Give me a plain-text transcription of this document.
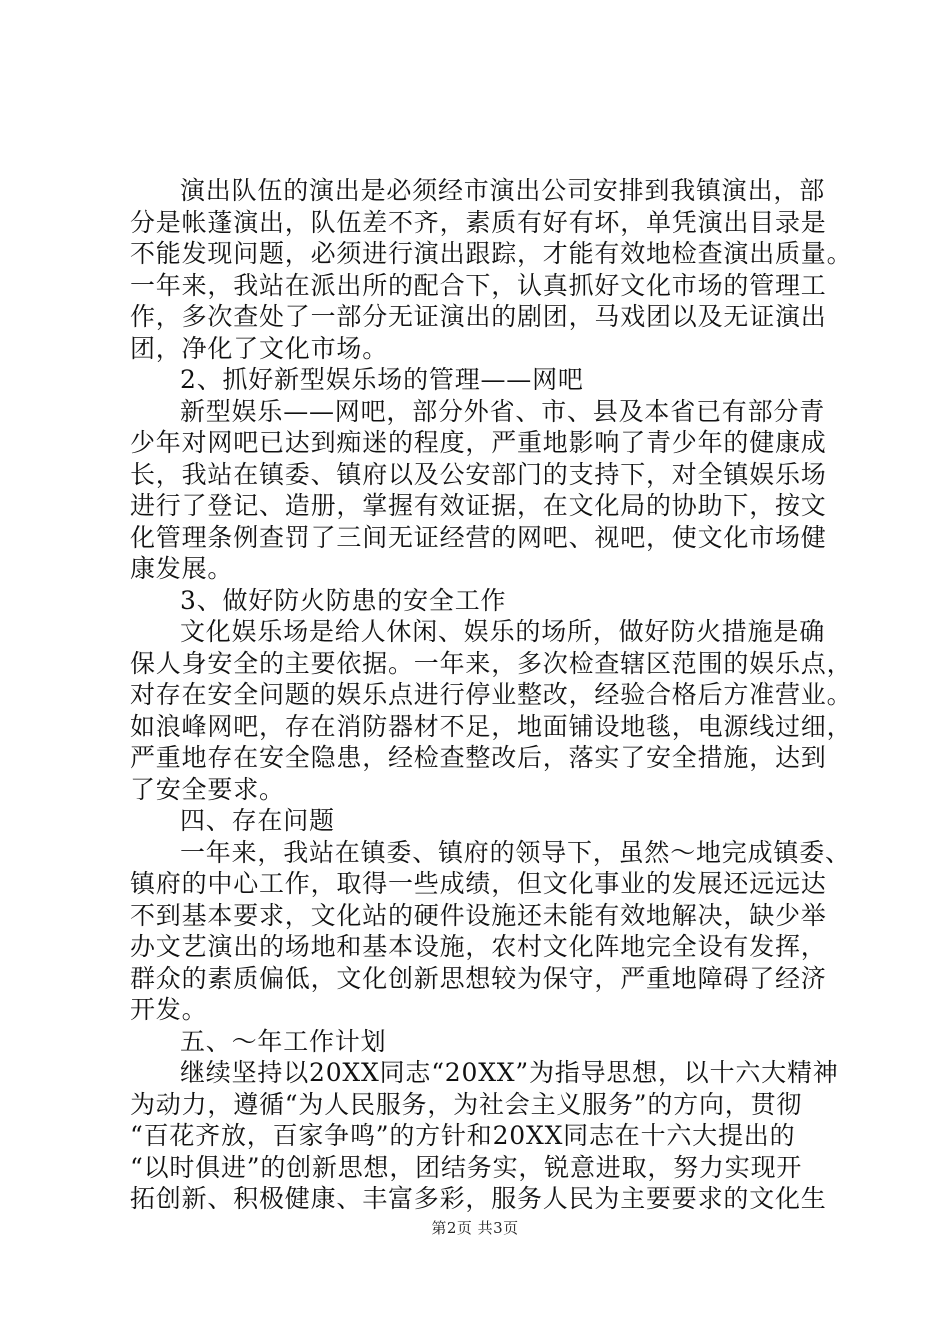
演出队伍的演出是必须经市演出公司安排到我镇演出，部
分是帐蓬演出，队伍差不齐，素质有好有坏，单凭演出目录是
不能发现问题，必须进行演出跟踪，才能有效地检查演出质量。
一年来，我站在派出所的配合下，认真抓好文化市场的管理工
作，多次查处了一部分无证演出的剧团，马戏团以及无证演出
团，净化了文化市场。
2、抓好新型娱乐场的管理——网吧
新型娱乐——网吧，部分外省、市、县及本省已有部分青
少年对网吧已达到痴迷的程度，严重地影响了青少年的健康成
长，我站在镇委、镇府以及公安部门的支持下，对全镇娱乐场
进行了登记、造册，掌握有效证据，在文化局的协助下，按文
化管理条例查罚了三间无证经营的网吧、视吧，使文化市场健
康发展。
3、做好防火防患的安全工作
文化娱乐场是给人休闲、娱乐的场所，做好防火措施是确
保人身安全的主要依据。一年来，多次检查辖区范围的娱乐点，
对存在安全问题的娱乐点进行停业整改，经验合格后方准营业。
如浪峰网吧，存在消防器材不足，地面铺设地毯，电源线过细，
严重地存在安全隐患，经检查整改后，落实了安全措施，达到
了安全要求。
四、存在问题
一年来，我站在镇委、镇府的领导下，虽然～地完成镇委、
镇府的中心工作，取得一些成绩，但文化事业的发展还远远达
不到基本要求，文化站的硬件设施还未能有效地解决，缺少举
办文艺演出的场地和基本设施，农村文化阵地完全设有发挥，
群众的素质偏低，文化创新思想较为保守，严重地障碍了经济
开发。
五、～年工作计划
继续坚持以20XX同志“20XX”为指导思想，以十六大精神
为动力，遵循“为人民服务，为社会主义服务”的方向，贯彻
“百花齐放，百家争鸣”的方针和20XX同志在十六大提出的
“以时俱进”的创新思想，团结务实，锐意进取，努力实现开
拓创新、积极健康、丰富多彩，服务人民为主要要求的文化生
第2页 共3页
